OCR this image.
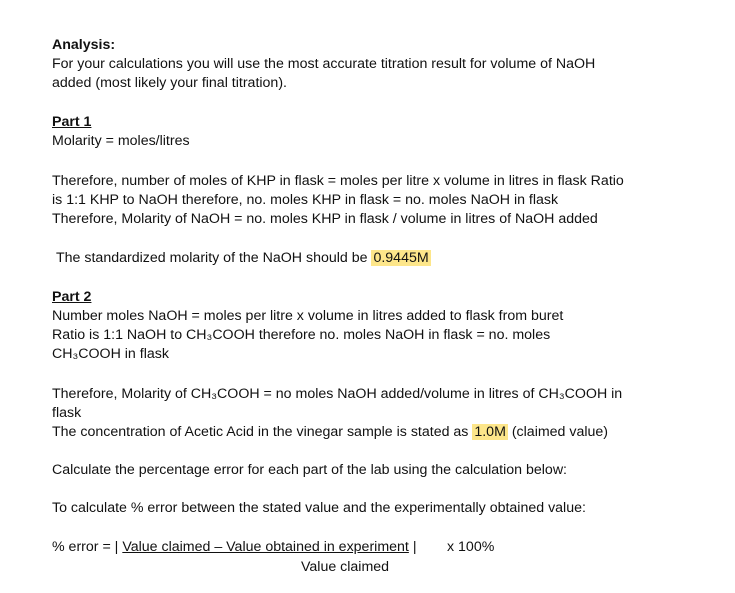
Analysis:
For your calculations you will use the most accurate titration result for volume of NaOH
added (most likely your final titration).
Part 1
Molarity = moles/litres
Therefore, number of moles of KHP in flask = moles per litre x volume in litres in flask Ratio
is 1:1 KHP to NaOH therefore, no. moles KHP in flask = no. moles NaOH in flask
Therefore, Molarity of NaOH = no. moles KHP in flask / volume in litres of NaOH added
The standardized molarity of the NaOH should be 0.9445M
Part 2
Number moles NaOH = moles per litre x volume in litres added to flask from buret
Ratio is 1:1 NaOH to CH₃COOH therefore no. moles NaOH in flask = no. moles
CH₃COOH in flask
Therefore, Molarity of CH₃COOH = no moles NaOH added/volume in litres of CH₃COOH in
flask
The concentration of Acetic Acid in the vinegar sample is stated as 1.0M (claimed value)
Calculate the percentage error for each part of the lab using the calculation below:
To calculate % error between the stated value and the experimentally obtained value:
% error = | Value claimed – Value obtained in experiment | x 100%
Value claimed
